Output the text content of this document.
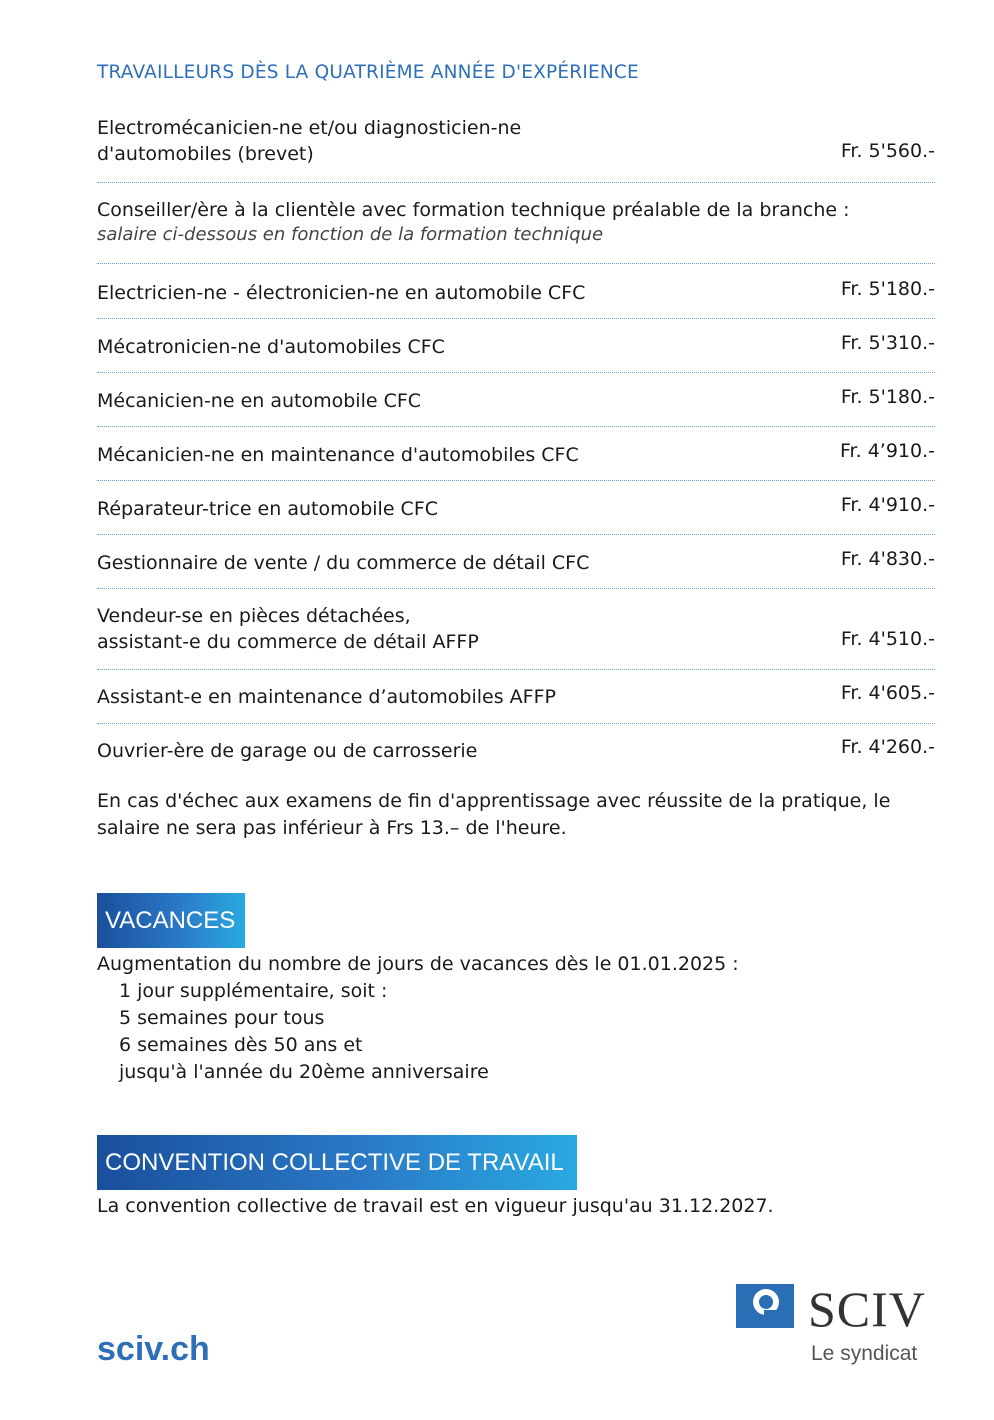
TRAVAILLEURS DÈS LA QUATRIÈME ANNÉE D'EXPÉRIENCE
Electromécanicien-ne et/ou diagnosticien-ne
d'automobiles (brevet)	Fr. 5'560.-
Conseiller/ère à la clientèle avec formation technique préalable de la branche :
salaire ci-dessous en fonction de la formation technique
Electricien-ne - électronicien-ne en automobile CFC	Fr. 5'180.-
Mécatronicien-ne d'automobiles CFC	Fr. 5'310.-
Mécanicien-ne en automobile CFC	Fr. 5'180.-
Mécanicien-ne en maintenance d'automobiles CFC	Fr. 4’910.-
Réparateur-trice en automobile CFC	Fr. 4'910.-
Gestionnaire de vente / du commerce de détail CFC	Fr. 4'830.-
Vendeur-se en pièces détachées,
assistant-e du commerce de détail AFFP	Fr. 4'510.-
Assistant-e en maintenance d’automobiles AFFP	Fr. 4'605.-
Ouvrier-ère de garage ou de carrosserie	Fr. 4'260.-
En cas d'échec aux examens de fin d'apprentissage avec réussite de la pratique, le salaire ne sera pas inférieur à Frs 13.– de l'heure.
VACANCES
Augmentation du nombre de jours de vacances dès le 01.01.2025 :
1 jour supplémentaire, soit :
5 semaines pour tous
6 semaines dès 50 ans et
jusqu'à l'année du 20ème anniversaire
CONVENTION COLLECTIVE DE TRAVAIL
La convention collective de travail est en vigueur jusqu'au 31.12.2027.
sciv.ch
SCIV
Le syndicat
